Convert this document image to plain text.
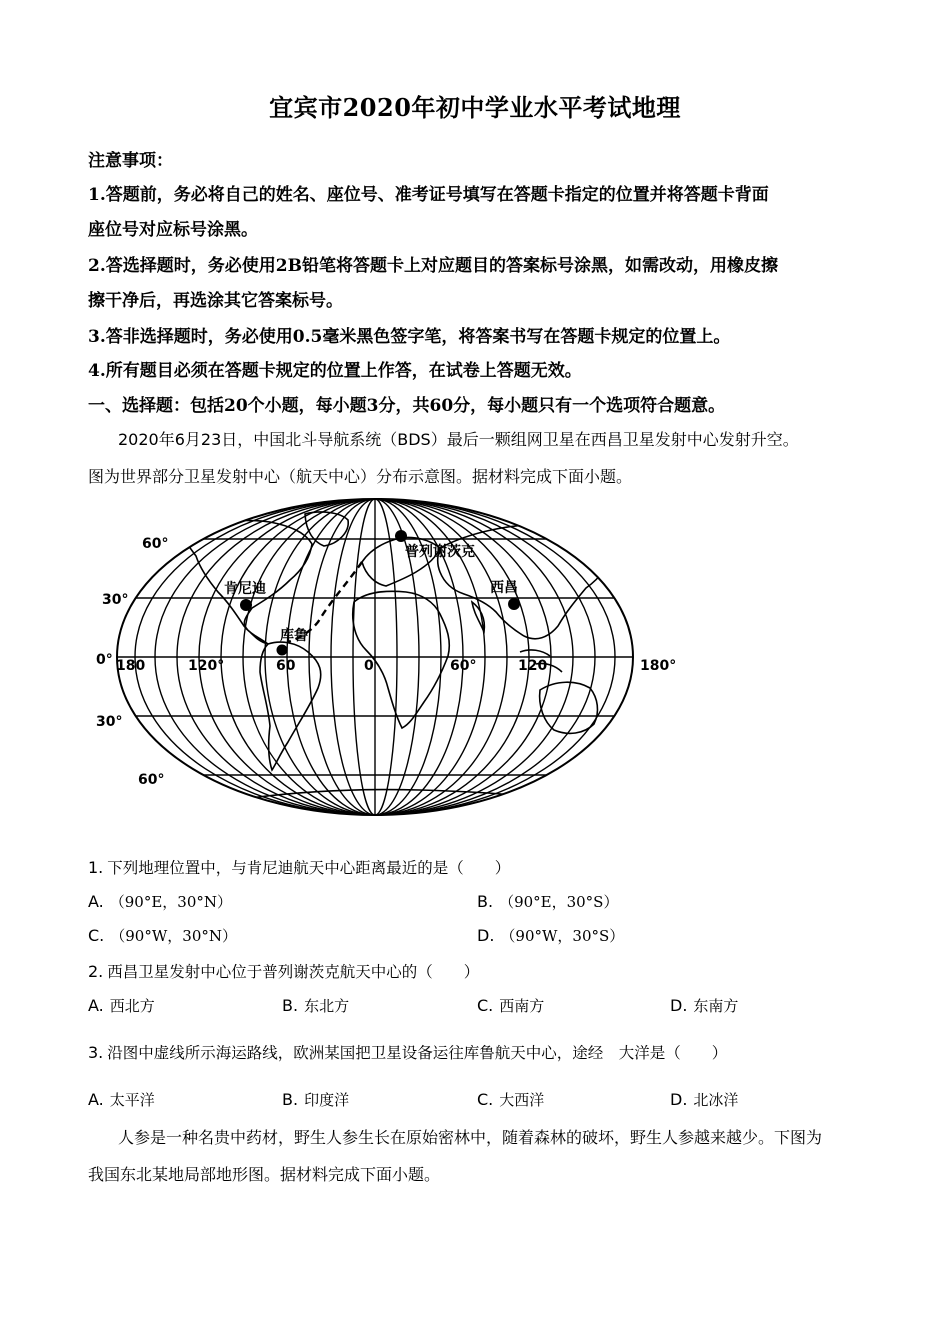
宜宾市2020年初中学业水平考试地理
注意事项：
1.答题前，务必将自己的姓名、座位号、准考证号填写在答题卡指定的位置并将答题卡背面
座位号对应标号涂黑。
2.答选择题时，务必使用2B铅笔将答题卡上对应题目的答案标号涂黑，如需改动，用橡皮擦
擦干净后，再选涂其它答案标号。
3.答非选择题时，务必使用0.5毫米黑色签字笔，将答案书写在答题卡规定的位置上。
4.所有题目必须在答题卡规定的位置上作答，在试卷上答题无效。
一、选择题：包括20个小题，每小题3分，共60分，每小题只有一个选项符合题意。
2020年6月23日，中国北斗导航系统（BDS）最后一颗组网卫星在西昌卫星发射中心发射升空。
图为世界部分卫星发射中心（航天中心）分布示意图。据材料完成下面小题。
普列谢茨克
肯尼迪
库鲁
西昌
60°
30°
0°
30°
60°
180	120°	60	0	60°	120	180°
1. 下列地理位置中，与肯尼迪航天中心距离最近的是（　　）
A. （90°E，30°N）	B. （90°E，30°S）
C. （90°W，30°N）	D. （90°W，30°S）
2. 西昌卫星发射中心位于普列谢茨克航天中心的（　　）
A. 西北方	B. 东北方	C. 西南方	D. 东南方
3. 沿图中虚线所示海运路线，欧洲某国把卫星设备运往库鲁航天中心，途经　大洋是（　　）
A. 太平洋	B. 印度洋	C. 大西洋	D. 北冰洋
人参是一种名贵中药材，野生人参生长在原始密林中，随着森林的破坏，野生人参越来越少。下图为
我国东北某地局部地形图。据材料完成下面小题。
